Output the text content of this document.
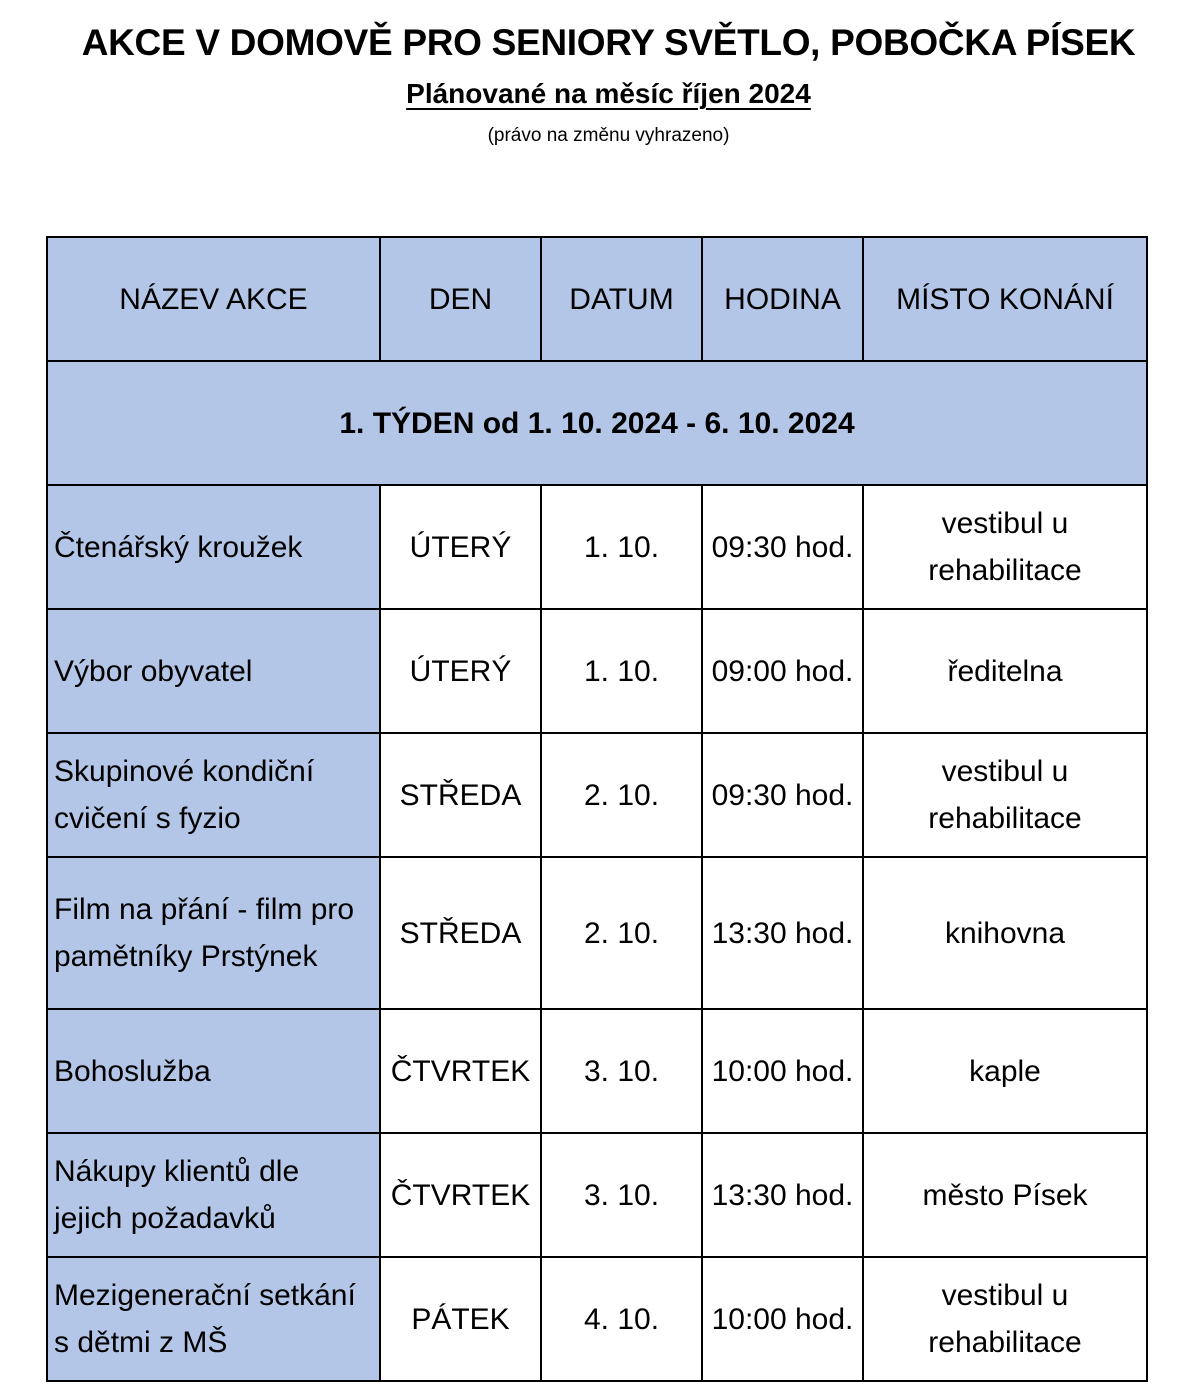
AKCE V DOMOVĚ PRO SENIORY SVĚTLO, POBOČKA PÍSEK
Plánované na měsíc říjen 2024
(právo na změnu vyhrazeno)
NÁZEV AKCE	DEN	DATUM	HODINA	MÍSTO KONÁNÍ
1. TÝDEN od 1. 10. 2024 - 6. 10. 2024				
Čtenářský kroužek	ÚTERÝ	1. 10.	09:30 hod.	vestibul u rehabilitace
Výbor obyvatel	ÚTERÝ	1. 10.	09:00 hod.	ředitelna
Skupinové kondiční cvičení s fyzio	STŘEDA	2. 10.	09:30 hod.	vestibul u rehabilitace
Film na přání - film pro pamětníky Prstýnek	STŘEDA	2. 10.	13:30 hod.	knihovna
Bohoslužba	ČTVRTEK	3. 10.	10:00 hod.	kaple
Nákupy klientů dle jejich požadavků	ČTVRTEK	3. 10.	13:30 hod.	město Písek
Mezigenerační setkání s dětmi z MŠ	PÁTEK	4. 10.	10:00 hod.	vestibul u rehabilitace
